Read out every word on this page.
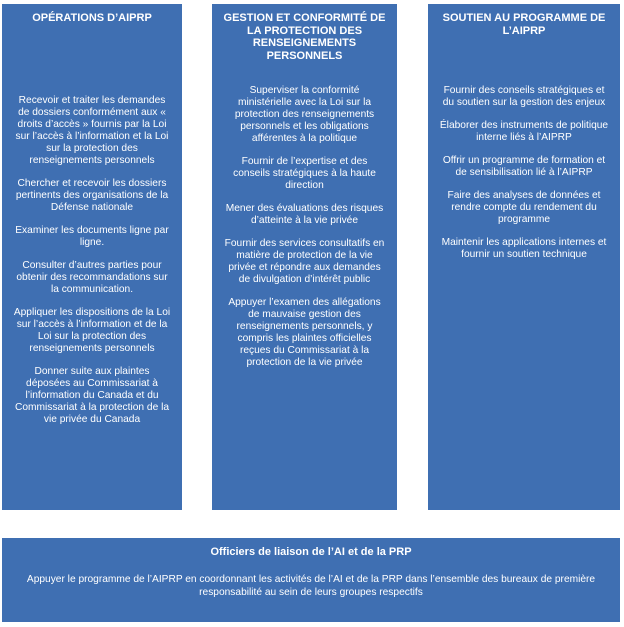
OPÉRATIONS D’AIPRP
Recevoir et traiter les demandes de dossiers conformément aux « droits d’accès » fournis par la Loi sur l’accès à l’information et la Loi sur la protection des renseignements personnels
Chercher et recevoir les dossiers pertinents des organisations de la Défense nationale
Examiner les documents ligne par ligne.
Consulter d’autres parties pour obtenir des recommandations sur la communication.
Appliquer les dispositions de la Loi sur l’accès à l’information et de la Loi sur la protection des renseignements personnels
Donner suite aux plaintes déposées au Commissariat à l’information du Canada et du Commissariat à la protection de la vie privée du Canada
GESTION ET CONFORMITÉ DE LA PROTECTION DES RENSEIGNEMENTS PERSONNELS
Superviser la conformité ministérielle avec la Loi sur la protection des renseignements personnels et les obligations afférentes à la politique
Fournir de l’expertise et des conseils stratégiques à la haute direction
Mener des évaluations des risques d’atteinte à la vie privée
Fournir des services consultatifs en matière de protection de la vie privée et répondre aux demandes de divulgation d’intérêt public
Appuyer l’examen des allégations de mauvaise gestion des renseignements personnels, y compris les plaintes officielles reçues du Commissariat à la protection de la vie privée
SOUTIEN AU PROGRAMME DE L’AIPRP
Fournir des conseils stratégiques et du soutien sur la gestion des enjeux
Élaborer des instruments de politique interne liés à l’AIPRP
Offrir un programme de formation et de sensibilisation lié à l’AIPRP
Faire des analyses de données et rendre compte du rendement du programme
Maintenir les applications internes et fournir un soutien technique
Officiers de liaison de l’AI et de la PRP
Appuyer le programme de l’AIPRP en coordonnant les activités de l’AI et de la PRP dans l’ensemble des bureaux de première responsabilité au sein de leurs groupes respectifs
